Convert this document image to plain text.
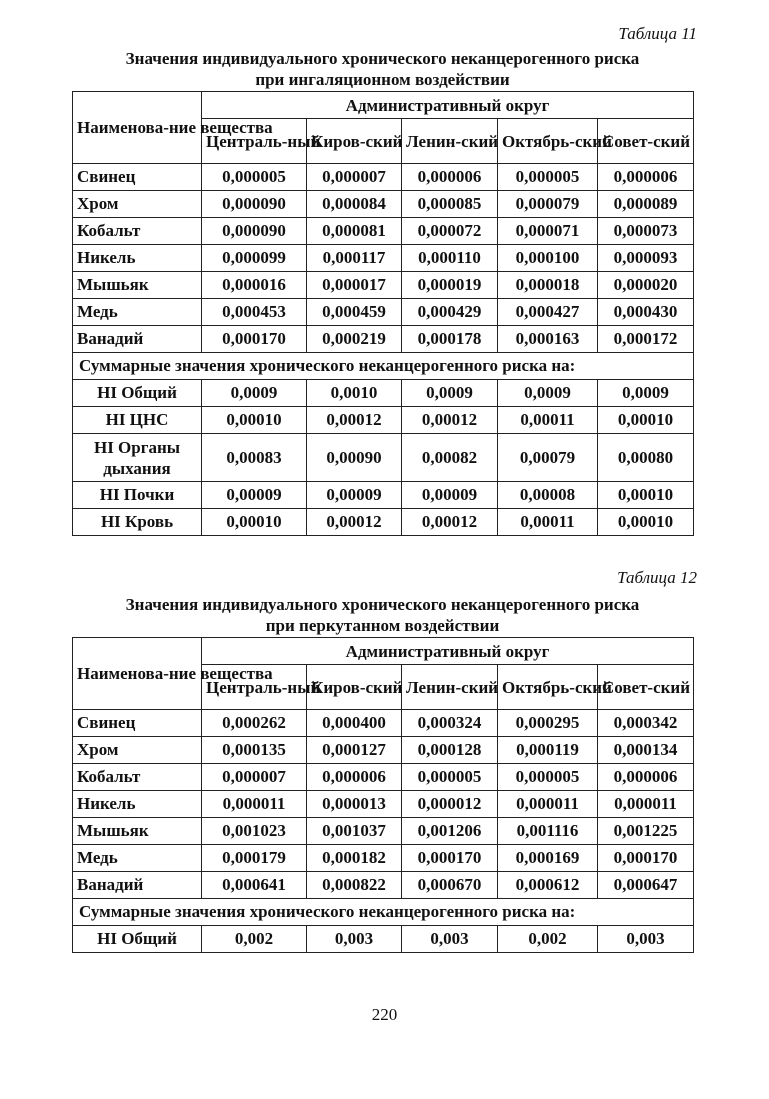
Таблица 11
Значения индивидуального хронического неканцерогенного риска
при ингаляционном воздействии
Наименова-ние вещества	Административный округ				
	Централь-ный	Киров-ский	Ленин-ский	Октябрь-ский	Совет-ский
Свинец	0,000005	0,000007	0,000006	0,000005	0,000006
Хром	0,000090	0,000084	0,000085	0,000079	0,000089
Кобальт	0,000090	0,000081	0,000072	0,000071	0,000073
Никель	0,000099	0,000117	0,000110	0,000100	0,000093
Мышьяк	0,000016	0,000017	0,000019	0,000018	0,000020
Медь	0,000453	0,000459	0,000429	0,000427	0,000430
Ванадий	0,000170	0,000219	0,000178	0,000163	0,000172
Суммарные значения хронического неканцерогенного риска на:					
HI Общий	0,0009	0,0010	0,0009	0,0009	0,0009
HI ЦНС	0,00010	0,00012	0,00012	0,00011	0,00010
HI Органы дыхания	0,00083	0,00090	0,00082	0,00079	0,00080
HI Почки	0,00009	0,00009	0,00009	0,00008	0,00010
HI Кровь	0,00010	0,00012	0,00012	0,00011	0,00010
Таблица 12
Значения индивидуального хронического неканцерогенного риска
при перкутанном воздействии
Наименова-ние вещества	Административный округ				
	Централь-ный	Киров-ский	Ленин-ский	Октябрь-ский	Совет-ский
Свинец	0,000262	0,000400	0,000324	0,000295	0,000342
Хром	0,000135	0,000127	0,000128	0,000119	0,000134
Кобальт	0,000007	0,000006	0,000005	0,000005	0,000006
Никель	0,000011	0,000013	0,000012	0,000011	0,000011
Мышьяк	0,001023	0,001037	0,001206	0,001116	0,001225
Медь	0,000179	0,000182	0,000170	0,000169	0,000170
Ванадий	0,000641	0,000822	0,000670	0,000612	0,000647
Суммарные значения хронического неканцерогенного риска на:					
HI Общий	0,002	0,003	0,003	0,002	0,003
220
